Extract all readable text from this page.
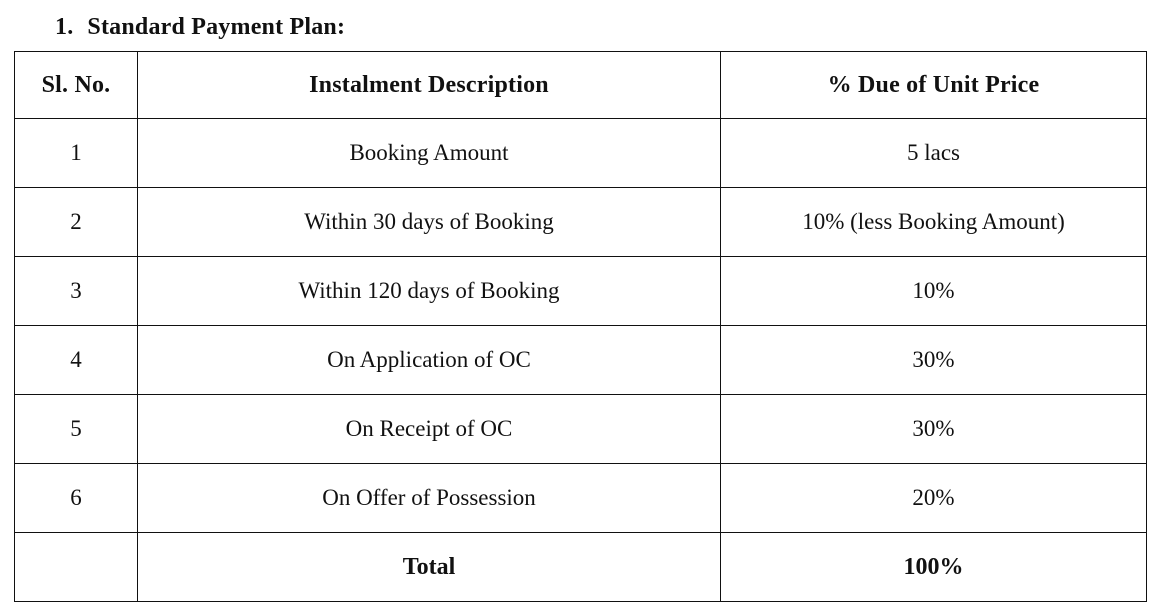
1. Standard Payment Plan:
Sl. No.	Instalment Description	% Due of Unit Price
1	Booking Amount	5 lacs
2	Within 30 days of Booking	10% (less Booking Amount)
3	Within 120 days of Booking	10%
4	On Application of OC	30%
5	On Receipt of OC	30%
6	On Offer of Possession	20%
	Total	100%
